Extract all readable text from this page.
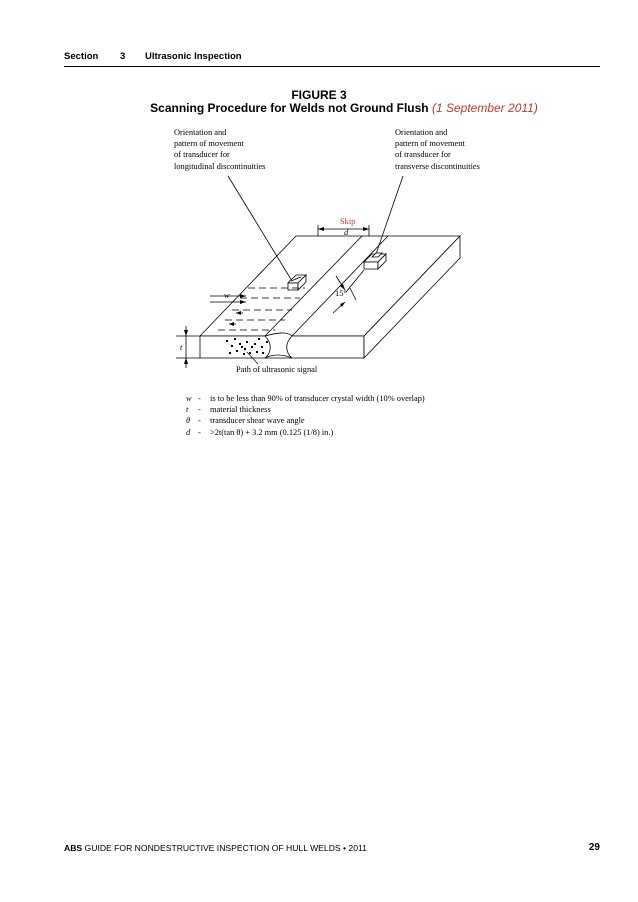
Section 3 Ultrasonic Inspection
FIGURE 3
Scanning Procedure for Welds not Ground Flush (1 September 2011)
Orientation and
pattern of movement
of transducer for
longitudinal discontinuities
Orientation and
pattern of movement
of transducer for
transverse discontinuities
Skip
d
15°
w
t
Path of ultrasonic signal
w -	is to be less than 90% of transducer crystal width (10% overlap)
t	-	material thickness
θ -	transducer shear wave angle
d -	>2t(tan θ) + 3.2 mm (0.125 (1/8) in.)
ABS GUIDE FOR NONDESTRUCTIVE INSPECTION OF HULL WELDS • 2011	29
